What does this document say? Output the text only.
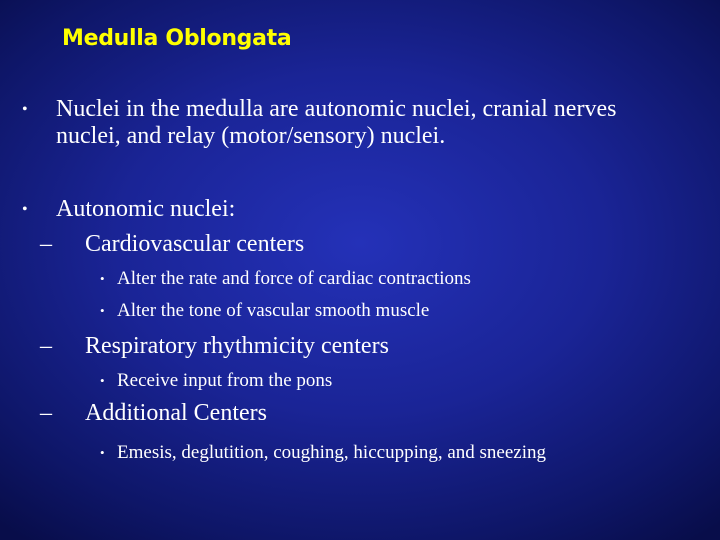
Medulla Oblongata
• Nuclei in the medulla are autonomic nuclei, cranial nerves nuclei, and relay (motor/sensory) nuclei.
• Autonomic nuclei:
– Cardiovascular centers
• Alter the rate and force of cardiac contractions
• Alter the tone of vascular smooth muscle
– Respiratory rhythmicity centers
• Receive input from the pons
– Additional Centers
• Emesis, deglutition, coughing, hiccupping, and sneezing
